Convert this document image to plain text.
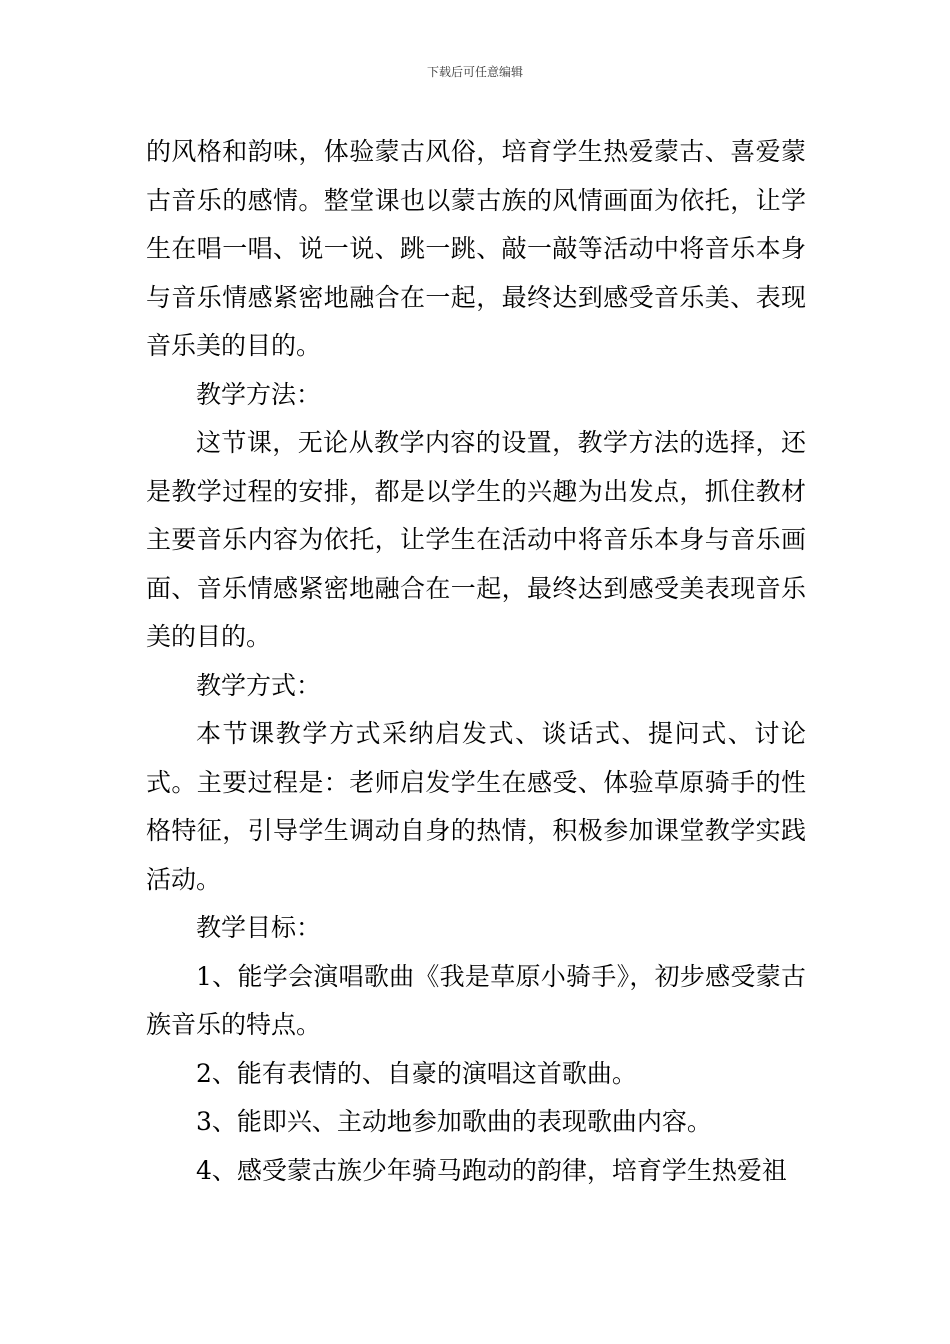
下载后可任意编辑

的风格和韵味，体验蒙古风俗，培育学生热爱蒙古、喜爱蒙古音乐的感情。整堂课也以蒙古族的风情画面为依托，让学生在唱一唱、说一说、跳一跳、敲一敲等活动中将音乐本身与音乐情感紧密地融合在一起，最终达到感受音乐美、表现音乐美的目的。

教学方法：

这节课，无论从教学内容的设置，教学方法的选择，还是教学过程的安排，都是以学生的兴趣为出发点，抓住教材主要音乐内容为依托，让学生在活动中将音乐本身与音乐画面、音乐情感紧密地融合在一起，最终达到感受美表现音乐美的目的。

教学方式：

本节课教学方式采纳启发式、谈话式、提问式、讨论式。主要过程是：老师启发学生在感受、体验草原骑手的性格特征，引导学生调动自身的热情，积极参加课堂教学实践活动。

教学目标：

1、能学会演唱歌曲《我是草原小骑手》，初步感受蒙古族音乐的特点。

2、能有表情的、自豪的演唱这首歌曲。

3、能即兴、主动地参加歌曲的表现歌曲内容。

4、感受蒙古族少年骑马跑动的韵律，培育学生热爱祖
